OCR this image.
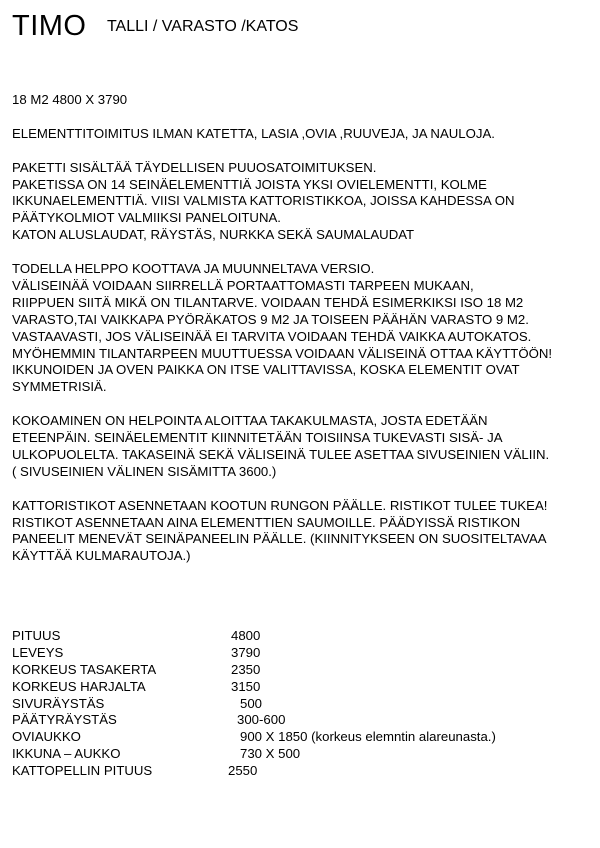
TIMO TALLI / VARASTO /KATOS
18 M2 4800 X 3790
ELEMENTTITOIMITUS ILMAN KATETTA, LASIA ,OVIA ,RUUVEJA, JA NAULOJA.
PAKETTI SISÄLTÄÄ TÄYDELLISEN PUUOSATOIMITUKSEN.
PAKETISSA ON 14 SEINÄELEMENTTIÄ JOISTA YKSI OVIELEMENTTI, KOLME
IKKUNAELEMENTTIÄ. VIISI VALMISTA KATTORISTIKKOA, JOISSA KAHDESSA ON
PÄÄTYKOLMIOT VALMIIKSI PANELOITUNA.
KATON ALUSLAUDAT, RÄYSTÄS, NURKKA SEKÄ SAUMALAUDAT
TODELLA HELPPO KOOTTAVA JA MUUNNELTAVA VERSIO.
VÄLISEINÄÄ VOIDAAN SIIRRELLÄ PORTAATTOMASTI TARPEEN MUKAAN,
RIIPPUEN SIITÄ MIKÄ ON TILANTARVE. VOIDAAN TEHDÄ ESIMERKIKSI ISO 18 M2
VARASTO,TAI VAIKKAPA PYÖRÄKATOS 9 M2 JA TOISEEN PÄÄHÄN VARASTO 9 M2.
VASTAAVASTI, JOS VÄLISEINÄÄ EI TARVITA VOIDAAN TEHDÄ VAIKKA AUTOKATOS.
MYÖHEMMIN TILANTARPEEN MUUTTUESSA VOIDAAN VÄLISEINÄ OTTAA KÄYTTÖÖN!
IKKUNOIDEN JA OVEN PAIKKA ON ITSE VALITTAVISSA, KOSKA ELEMENTIT OVAT
SYMMETRISIÄ.
KOKOAMINEN ON HELPOINTA ALOITTAA TAKAKULMASTA, JOSTA EDETÄÄN
ETEENPÄIN. SEINÄELEMENTIT KIINNITETÄÄN TOISIINSA TUKEVASTI SISÄ- JA
ULKOPUOLELTA. TAKASEINÄ SEKÄ VÄLISEINÄ TULEE ASETTAA SIVUSEINIEN VÄLIIN.
( SIVUSEINIEN VÄLINEN SISÄMITTA 3600.)
KATTORISTIKOT ASENNETAAN KOOTUN RUNGON PÄÄLLE. RISTIKOT TULEE TUKEA!
RISTIKOT ASENNETAAN AINA ELEMENTTIEN SAUMOILLE. PÄÄDYISSÄ RISTIKON
PANEELIT MENEVÄT SEINÄPANEELIN PÄÄLLE. (KIINNITYKSEEN ON SUOSITELTAVAA
KÄYTTÄÄ KULMARAUTOJA.)
PITUUS	4800
LEVEYS	3790
KORKEUS TASAKERTA	2350
KORKEUS HARJALTA	3150
SIVURÄYSTÄS	500
PÄÄTYRÄYSTÄS	300-600
OVIAUKKO	900 X 1850 (korkeus elemntin alareunasta.)
IKKUNA – AUKKO	730 X 500
KATTOPELLIN PITUUS	2550
